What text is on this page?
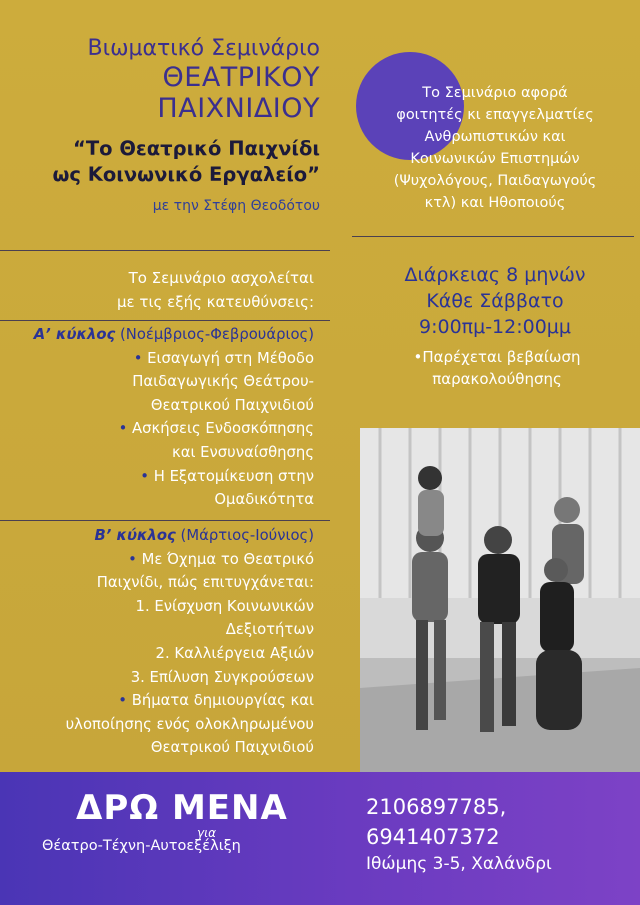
Βιωματικό Σεμινάριο

ΘΕΑΤΡΙΚΟΥ

ΠΑΙΧΝΙΔΙΟΥ

“Το Θεατρικό Παιχνίδι

ως Κοινωνικό Εργαλείο”

με την Στέφη Θεοδότου

Το Σεμινάριο ασχολείται
με τις εξής κατευθύνσεις:
Α’ κύκλος (Νοέμβριος-Φεβρουάριος)
• Εισαγωγή στη Μέθοδο
Παιδαγωγικής Θεάτρου-
Θεατρικού Παιχνιδιού
• Ασκήσεις Ενδοσκόπησης
και Ενσυναίσθησης
• Η Εξατομίκευση στην
Ομαδικότητα
Β’ κύκλος (Μάρτιος-Ιούνιος)
• Με Όχημα το Θεατρικό
Παιχνίδι, πώς επιτυγχάνεται:
1. Ενίσχυση Κοινωνικών
Δεξιοτήτων
2. Καλλιέργεια Αξιών
3. Επίλυση Συγκρούσεων
• Βήματα δημιουργίας και
υλοποίησης ενός ολοκληρωμένου
Θεατρικού Παιχνιδιού
Το Σεμινάριο αφορά
φοιτητές κι επαγγελματίες
Ανθρωπιστικών και
Κοινωνικών Επιστημών
(Ψυχολόγους, Παιδαγωγούς
κτλ) και Ηθοποιούς
Διάρκειας 8 μηνών
Κάθε Σάββατο
9:00πμ-12:00μμ
•Παρέχεται βεβαίωση
παρακολούθησης
ΔΡΩ ΜΕΝΑ
για
Θέατρο-Τέχνη-Αυτοεξέλιξη
2106897785,
6941407372
Ιθώμης 3-5, Χαλάνδρι
